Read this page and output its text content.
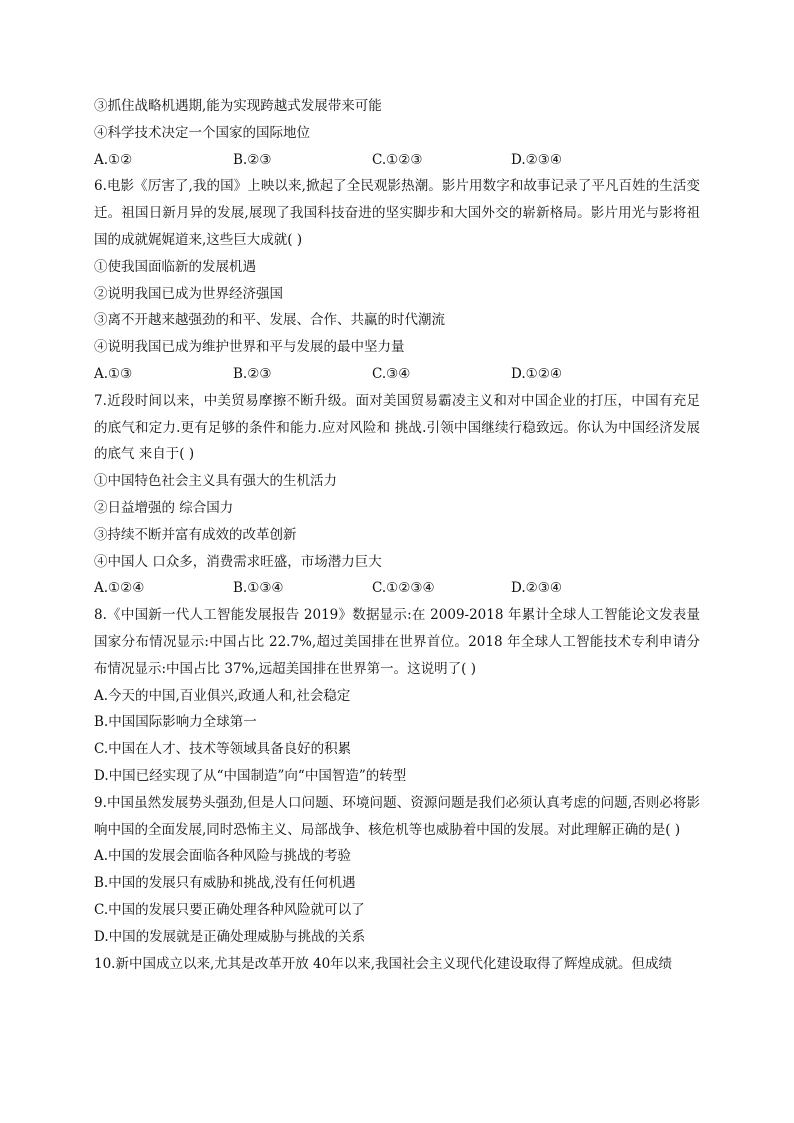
③抓住战略机遇期,能为实现跨越式发展带来可能
④科学技术决定一个国家的国际地位
A.①②	B.②③	C.①②③	D.②③④
6.电影《厉害了,我的国》上映以来,掀起了全民观影热潮。影片用数字和故事记录了平凡百姓的生活变迁。祖国日新月异的发展,展现了我国科技奋进的坚实脚步和大国外交的崭新格局。影片用光与影将祖国的成就娓娓道来,这些巨大成就( )
①使我国面临新的发展机遇
②说明我国已成为世界经济强国
③离不开越来越强劲的和平、发展、合作、共赢的时代潮流
④说明我国已成为维护世界和平与发展的最中坚力量
A.①③	B.②③	C.③④	D.①②④
7.近段时间以来，中美贸易摩擦不断升级。面对美国贸易霸凌主义和对中国企业的打压，中国有充足的底气和定力.更有足够的条件和能力.应对风险和 挑战.引领中国继续行稳致远。你认为中国经济发展的底气 来自于( )
①中国特色社会主义具有强大的生机活力
②日益增强的 综合国力
③持续不断并富有成效的改革创新
④中国人 口众多，消费需求旺盛，市场潜力巨大
A.①②④	B.①③④	C.①②③④	D.②③④
8.《中国新一代人工智能发展报告 2019》数据显示:在 2009-2018 年累计全球人工智能论文发表量国家分布情况显示:中国占比 22.7%,超过美国排在世界首位。2018 年全球人工智能技术专利申请分布情况显示:中国占比 37%,远超美国排在世界第一。这说明了( )
A.今天的中国,百业俱兴,政通人和,社会稳定
B.中国国际影响力全球第一
C.中国在人才、技术等领域具备良好的积累
D.中国已经实现了从“中国制造”向“中国智造”的转型
9.中国虽然发展势头强劲,但是人口问题、环境问题、资源问题是我们必须认真考虑的问题,否则必将影响中国的全面发展,同时恐怖主义、局部战争、核危机等也威胁着中国的发展。对此理解正确的是( )
A.中国的发展会面临各种风险与挑战的考验
B.中国的发展只有威胁和挑战,没有任何机遇
C.中国的发展只要正确处理各种风险就可以了
D.中国的发展就是正确处理威胁与挑战的关系
10.新中国成立以来,尤其是改革开放 40年以来,我国社会主义现代化建设取得了辉煌成就。但成绩
